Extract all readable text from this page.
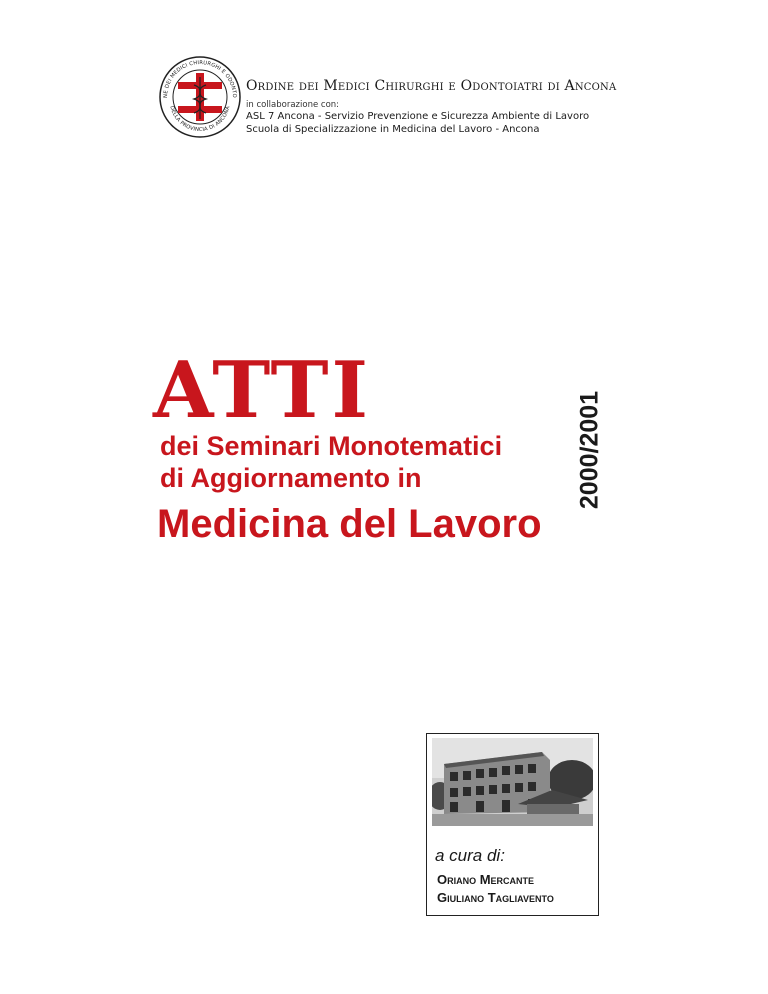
NE DEI MEDICI CHIRURGHI E ODONTO
DELLA PROVINCIA DI ANCONA
Ordine dei Medici Chirurghi e Odontoiatri di Ancona
in collaborazione con:
ASL 7 Ancona - Servizio Prevenzione e Sicurezza Ambiente di Lavoro
Scuola di Specializzazione in Medicina del Lavoro - Ancona
ATTI
dei Seminari Monotematici
di Aggiornamento in
Medicina del Lavoro
2000/2001
a cura di:
Oriano Mercante
Giuliano Tagliavento
